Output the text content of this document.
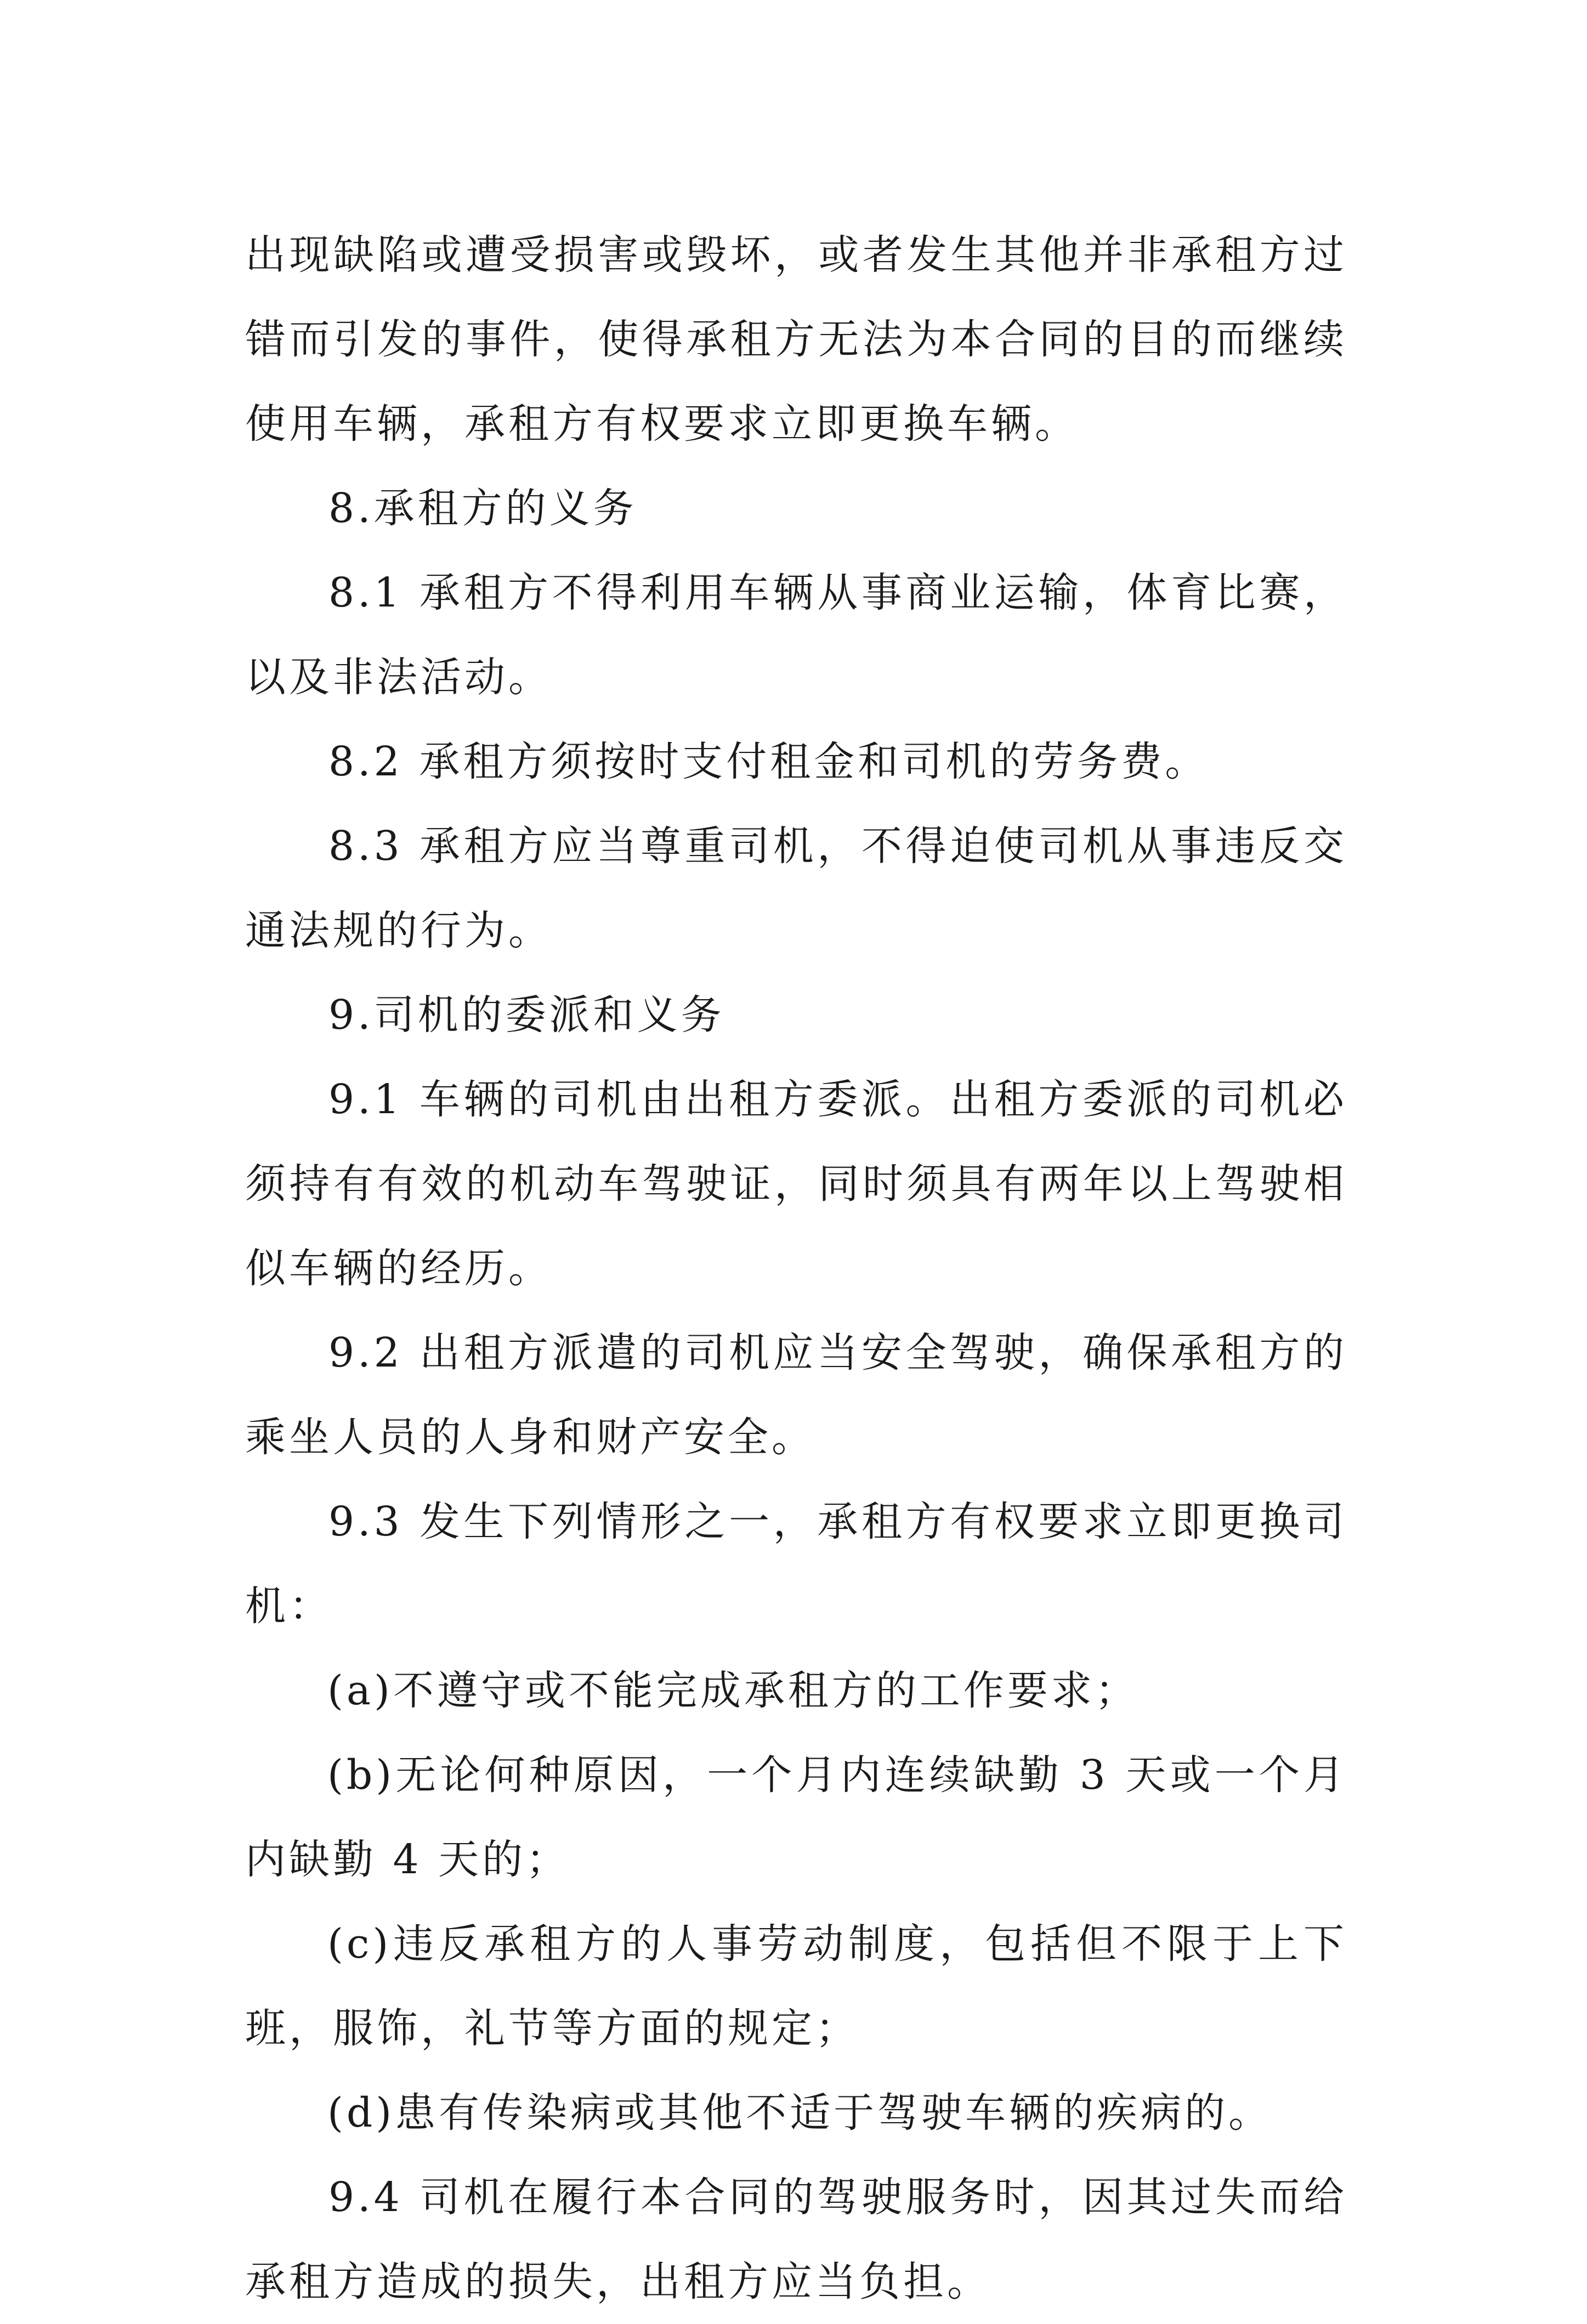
出现缺陷或遭受损害或毁坏，或者发生其他并非承租方过错而引发的事件，使得承租方无法为本合同的目的而继续使用车辆，承租方有权要求立即更换车辆。

8.承租方的义务

8.1 承租方不得利用车辆从事商业运输，体育比赛，以及非法活动。

8.2 承租方须按时支付租金和司机的劳务费。

8.3 承租方应当尊重司机，不得迫使司机从事违反交通法规的行为。

9.司机的委派和义务

9.1 车辆的司机由出租方委派。出租方委派的司机必须持有有效的机动车驾驶证，同时须具有两年以上驾驶相似车辆的经历。

9.2 出租方派遣的司机应当安全驾驶，确保承租方的乘坐人员的人身和财产安全。

9.3 发生下列情形之一，承租方有权要求立即更换司机：

(a)不遵守或不能完成承租方的工作要求；

(b)无论何种原因，一个月内连续缺勤 3 天或一个月内缺勤 4 天的；

(c)违反承租方的人事劳动制度，包括但不限于上下班，服饰，礼节等方面的规定；

(d)患有传染病或其他不适于驾驶车辆的疾病的。

9.4 司机在履行本合同的驾驶服务时，因其过失而给承租方造成的损失，出租方应当负担。
